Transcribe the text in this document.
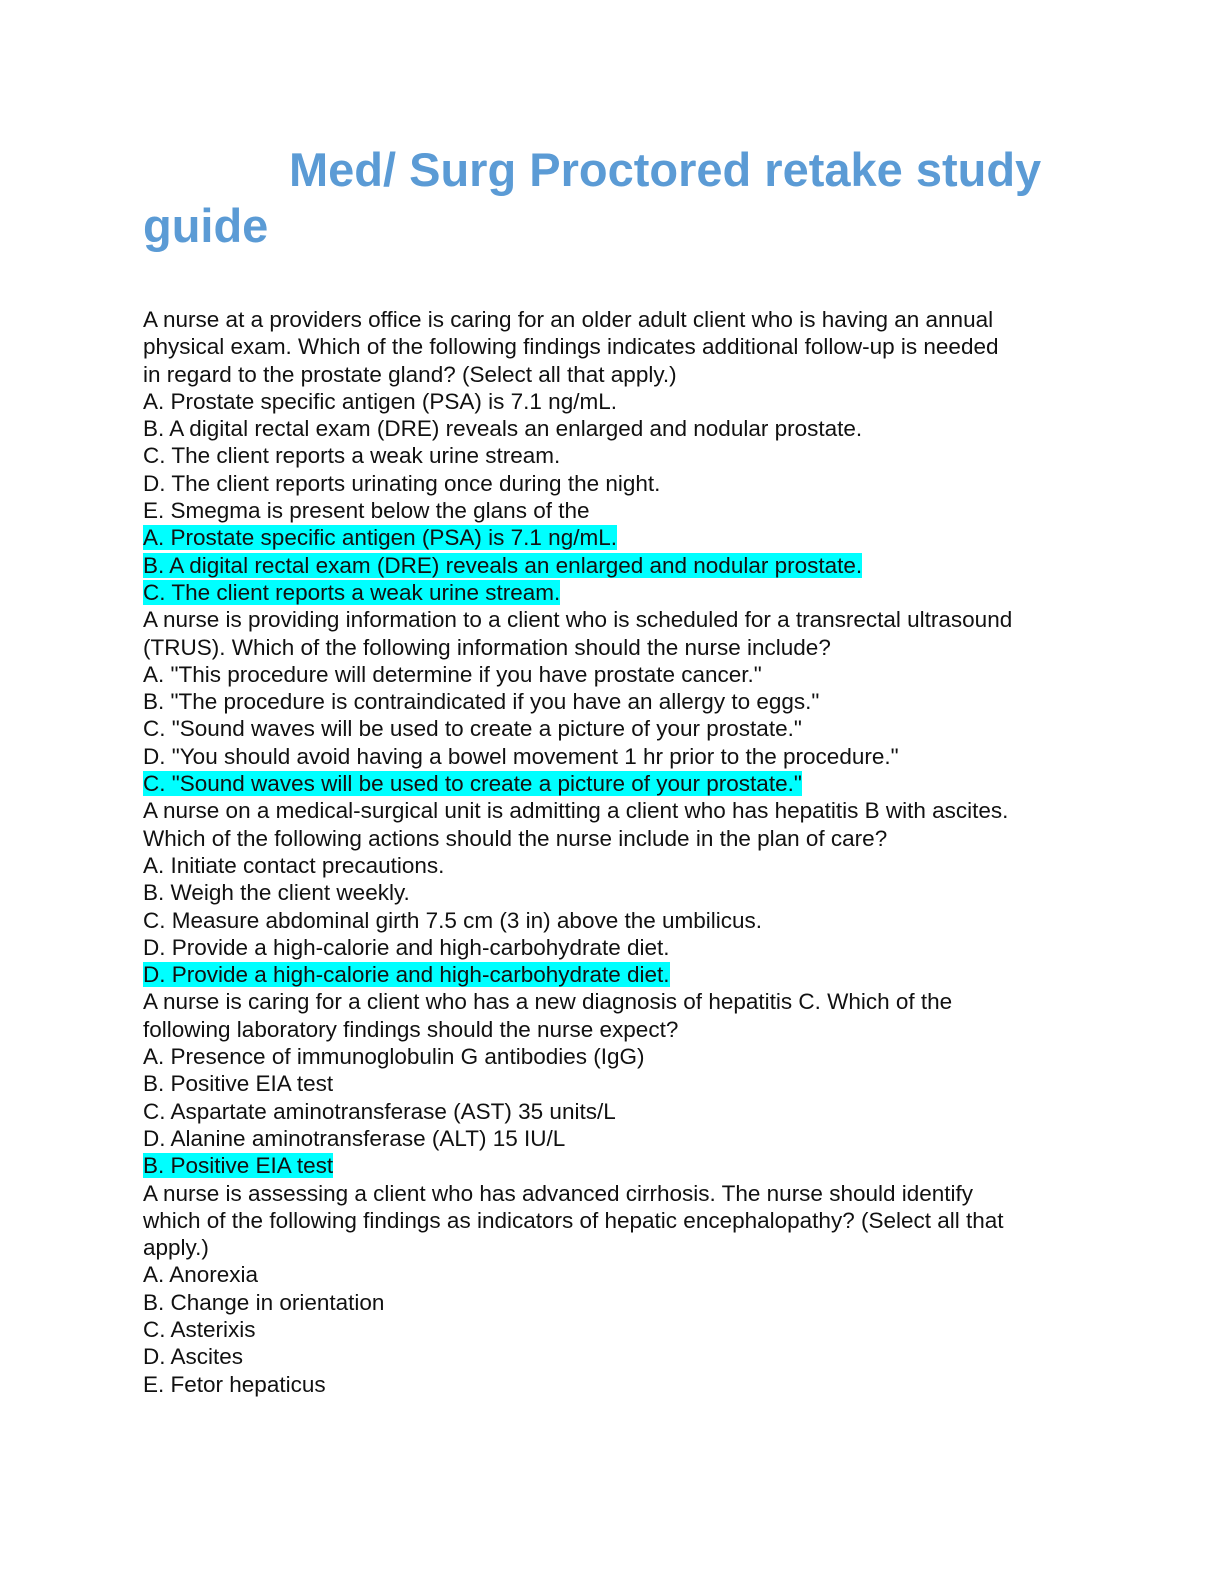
Med/ Surg Proctored retake study guide
A nurse at a providers office is caring for an older adult client who is having an annual
physical exam. Which of the following findings indicates additional follow-up is needed
in regard to the prostate gland? (Select all that apply.)
A. Prostate specific antigen (PSA) is 7.1 ng/mL.
B. A digital rectal exam (DRE) reveals an enlarged and nodular prostate.
C. The client reports a weak urine stream.
D. The client reports urinating once during the night.
E. Smegma is present below the glans of the
A. Prostate specific antigen (PSA) is 7.1 ng/mL.
B. A digital rectal exam (DRE) reveals an enlarged and nodular prostate.
C. The client reports a weak urine stream.
A nurse is providing information to a client who is scheduled for a transrectal ultrasound
(TRUS). Which of the following information should the nurse include?
A. "This procedure will determine if you have prostate cancer."
B. "The procedure is contraindicated if you have an allergy to eggs."
C. "Sound waves will be used to create a picture of your prostate."
D. "You should avoid having a bowel movement 1 hr prior to the procedure."
C. "Sound waves will be used to create a picture of your prostate."
A nurse on a medical-surgical unit is admitting a client who has hepatitis B with ascites.
Which of the following actions should the nurse include in the plan of care?
A. Initiate contact precautions.
B. Weigh the client weekly.
C. Measure abdominal girth 7.5 cm (3 in) above the umbilicus.
D. Provide a high-calorie and high-carbohydrate diet.
D. Provide a high-calorie and high-carbohydrate diet.
A nurse is caring for a client who has a new diagnosis of hepatitis C. Which of the
following laboratory findings should the nurse expect?
A. Presence of immunoglobulin G antibodies (IgG)
B. Positive EIA test
C. Aspartate aminotransferase (AST) 35 units/L
D. Alanine aminotransferase (ALT) 15 IU/L
B. Positive EIA test
A nurse is assessing a client who has advanced cirrhosis. The nurse should identify
which of the following findings as indicators of hepatic encephalopathy? (Select all that
apply.)
A. Anorexia
B. Change in orientation
C. Asterixis
D. Ascites
E. Fetor hepaticus
